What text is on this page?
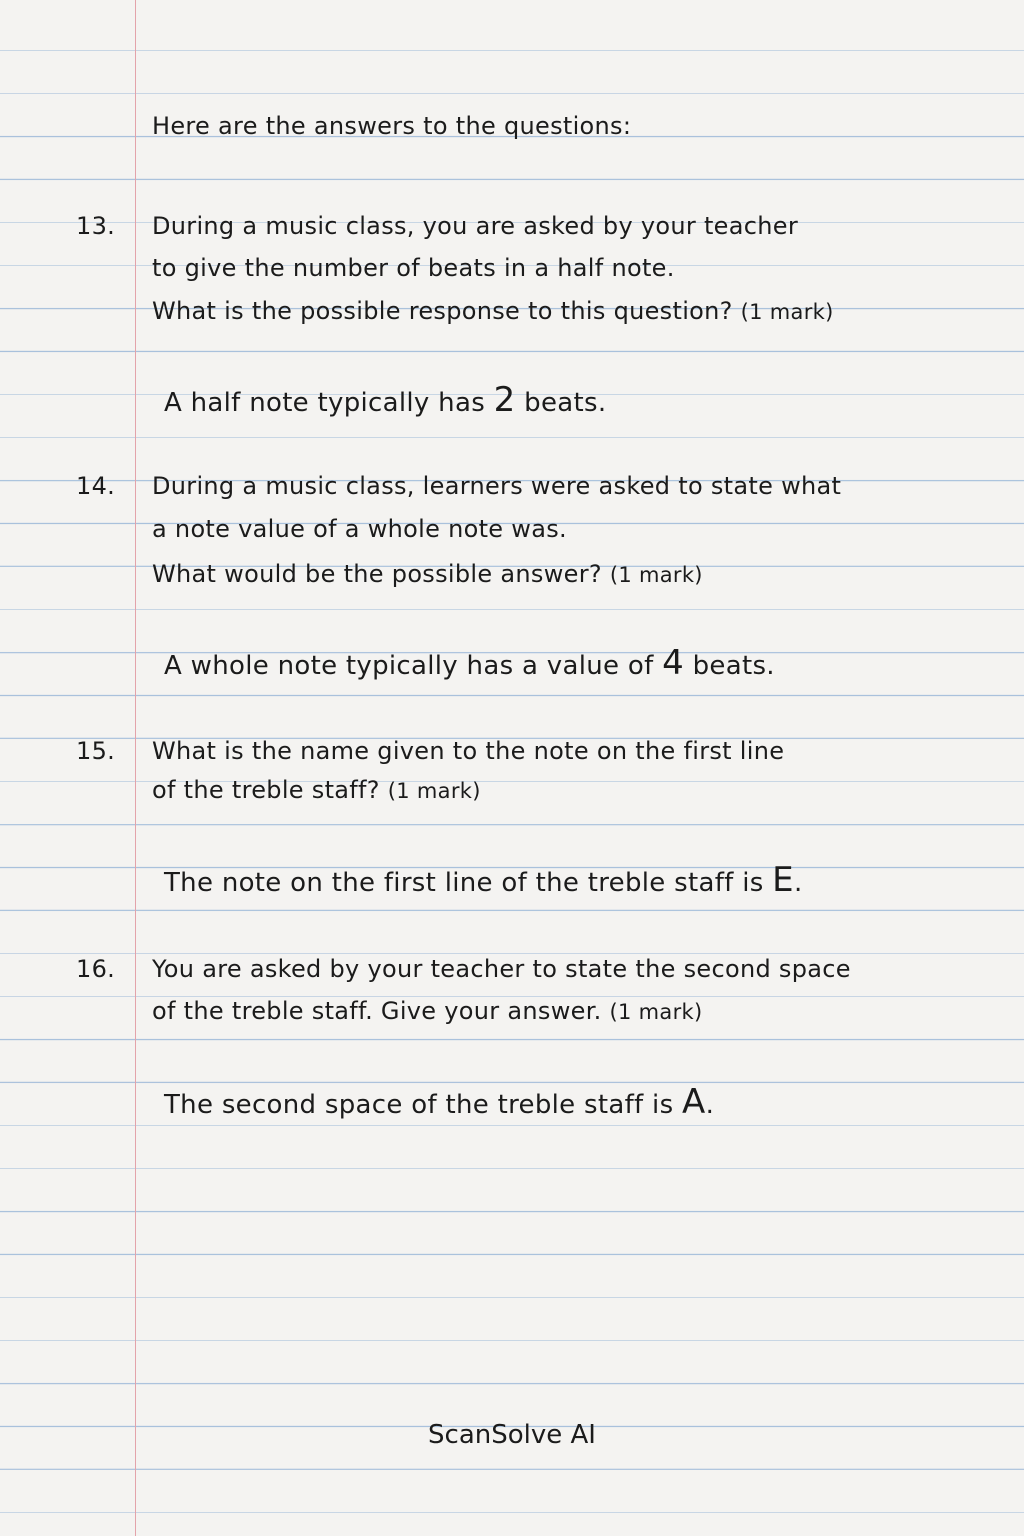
Here are the answers to the questions:
13. During a music class, you are asked by your teacher
to give the number of beats in a half note.
What is the possible response to this question? (1 mark)
A half note typically has 2 beats.
14. During a music class, learners were asked to state what
a note value of a whole note was.
What would be the possible answer? (1 mark)
A whole note typically has a value of 4 beats.
15. What is the name given to the note on the first line
of the treble staff? (1 mark)
The note on the first line of the treble staff is E.
16. You are asked by your teacher to state the second space
of the treble staff. Give your answer. (1 mark)
The second space of the treble staff is A.
ScanSolve AI
